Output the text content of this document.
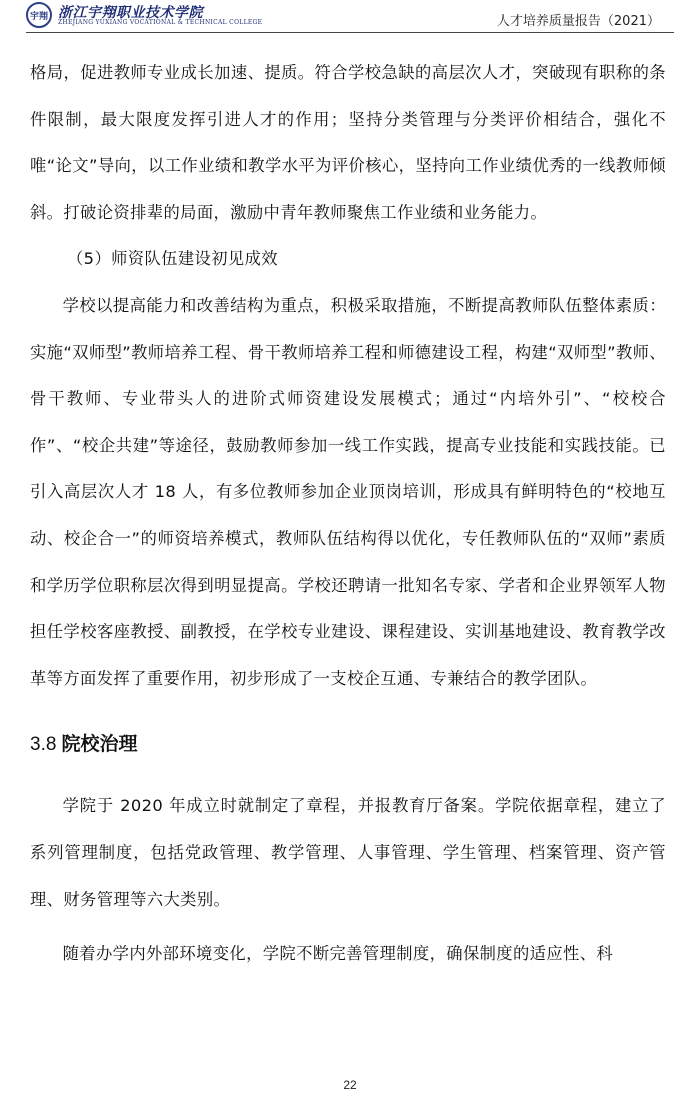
宇翔 浙江宇翔职业技术学院
ZHEJIANG YUXIANG VOCATIONAL & TECHNICAL COLLEGE	人才培养质量报告（2021）

格局，促进教师专业成长加速、提质。符合学校急缺的高层次人才，突破现有职称的条件限制，最大限度发挥引进人才的作用；坚持分类管理与分类评价相结合，强化不唯“论文”导向，以工作业绩和教学水平为评价核心，坚持向工作业绩优秀的一线教师倾斜。打破论资排辈的局面，激励中青年教师聚焦工作业绩和业务能力。

（5）师资队伍建设初见成效

学校以提高能力和改善结构为重点，积极采取措施，不断提高教师队伍整体素质：实施“双师型”教师培养工程、骨干教师培养工程和师德建设工程，构建“双师型”教师、骨干教师、专业带头人的进阶式师资建设发展模式；通过“内培外引”、“校校合作”、“校企共建”等途径，鼓励教师参加一线工作实践，提高专业技能和实践技能。已引入高层次人才 18 人，有多位教师参加企业顶岗培训，形成具有鲜明特色的“校地互动、校企合一”的师资培养模式，教师队伍结构得以优化，专任教师队伍的“双师”素质和学历学位职称层次得到明显提高。学校还聘请一批知名专家、学者和企业界领军人物担任学校客座教授、副教授，在学校专业建设、课程建设、实训基地建设、教育教学改革等方面发挥了重要作用，初步形成了一支校企互通、专兼结合的教学团队。

3.8 院校治理

学院于 2020 年成立时就制定了章程，并报教育厅备案。学院依据章程，建立了系列管理制度，包括党政管理、教学管理、人事管理、学生管理、档案管理、资产管理、财务管理等六大类别。

随着办学内外部环境变化，学院不断完善管理制度，确保制度的适应性、科

22
